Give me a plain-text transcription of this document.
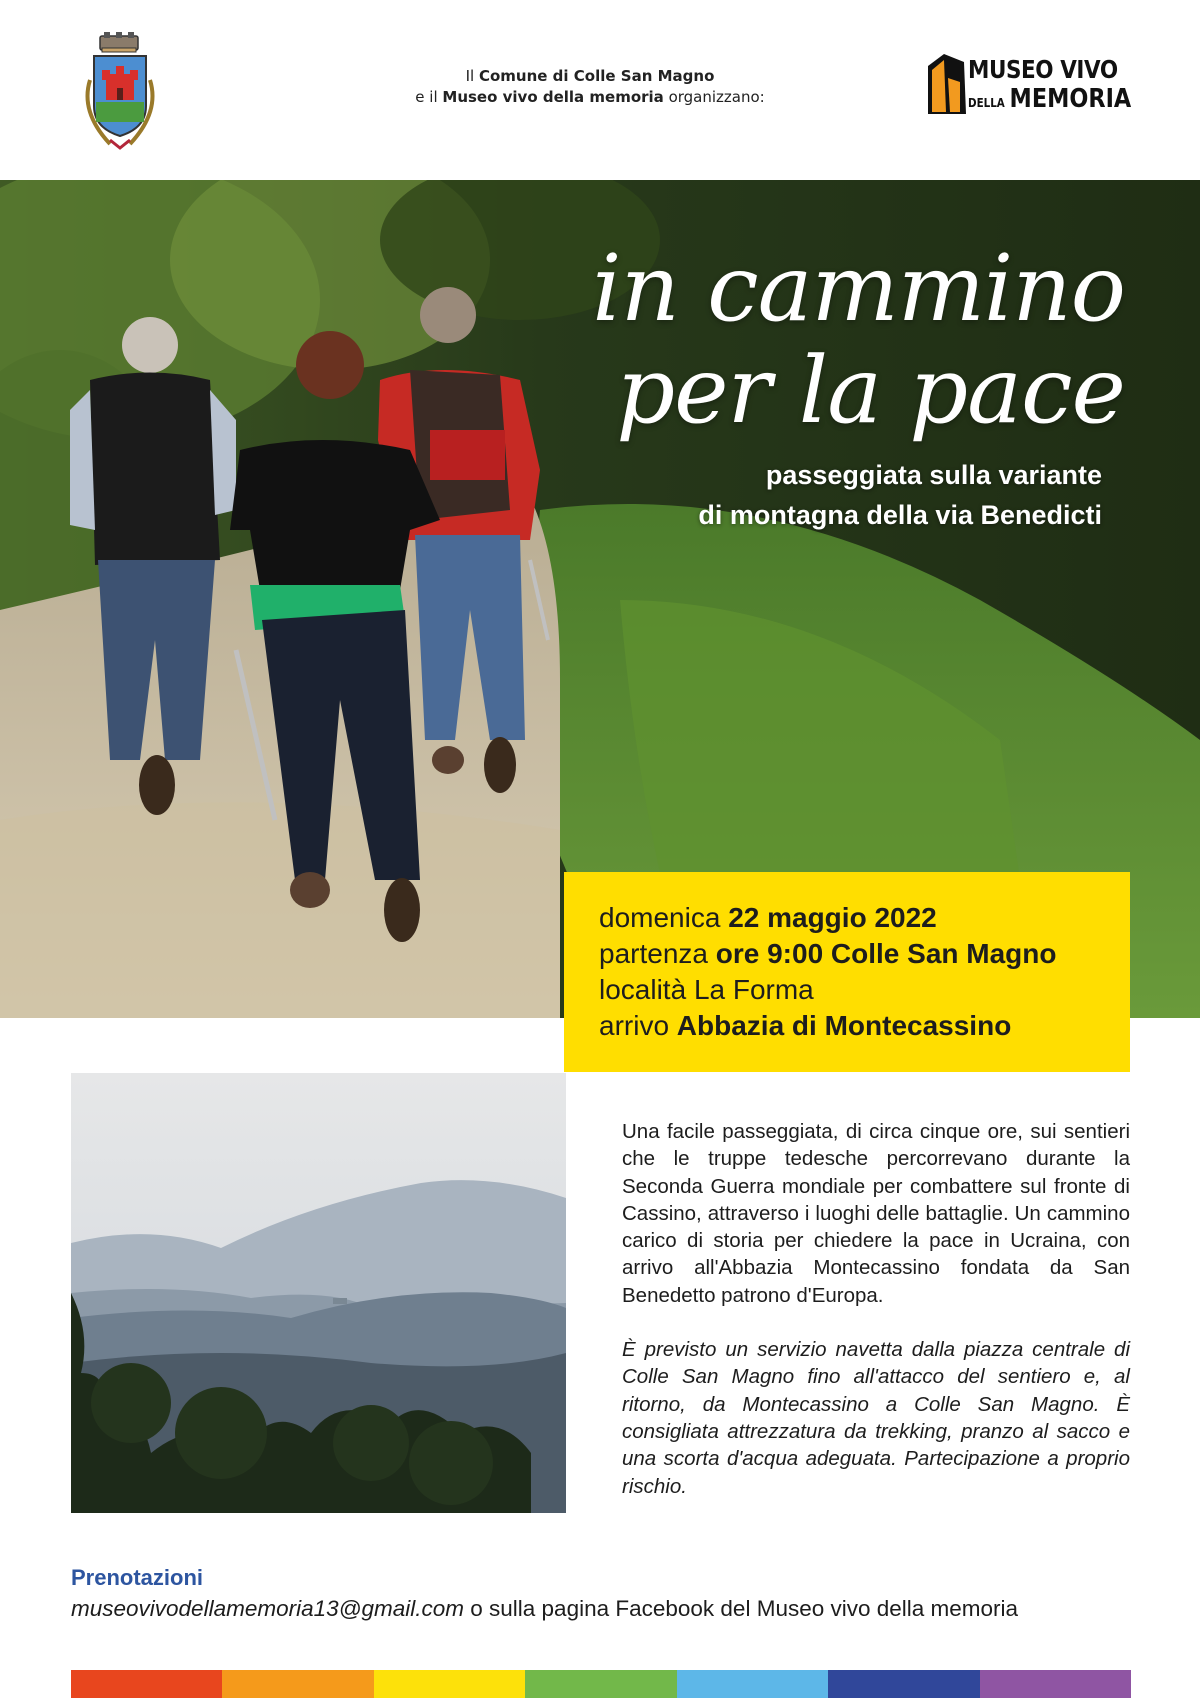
Il Comune di Colle San Magno
e il Museo vivo della memoria organizzano:
MUSEO VIVO
DELLA MEMORIA
in cammino
per la pace
passeggiata sulla variante
di montagna della via Benedicti
domenica 22 maggio 2022
partenza ore 9:00 Colle San Magno
località La Forma
arrivo Abbazia di Montecassino

Una facile passeggiata, di circa cinque ore, sui sentieri che le truppe tedesche percorrevano durante la Seconda Guerra mondiale per combattere sul fronte di Cassino, attraverso i luoghi delle battaglie. Un cammino carico di storia per chiedere la pace in Ucraina, con arrivo all'Abbazia Montecassino fondata da San Benedetto patrono d'Europa.

È previsto un servizio navetta dalla piazza centrale di Colle San Magno fino all'attacco del sentiero e, al ritorno, da Montecassino a Colle San Magno. È consigliata attrezzatura da trekking, pranzo al sacco e una scorta d'acqua adeguata. Partecipazione a proprio rischio.

Prenotazioni
museovivodellamemoria13@gmail.com o sulla pagina Facebook del Museo vivo della memoria
